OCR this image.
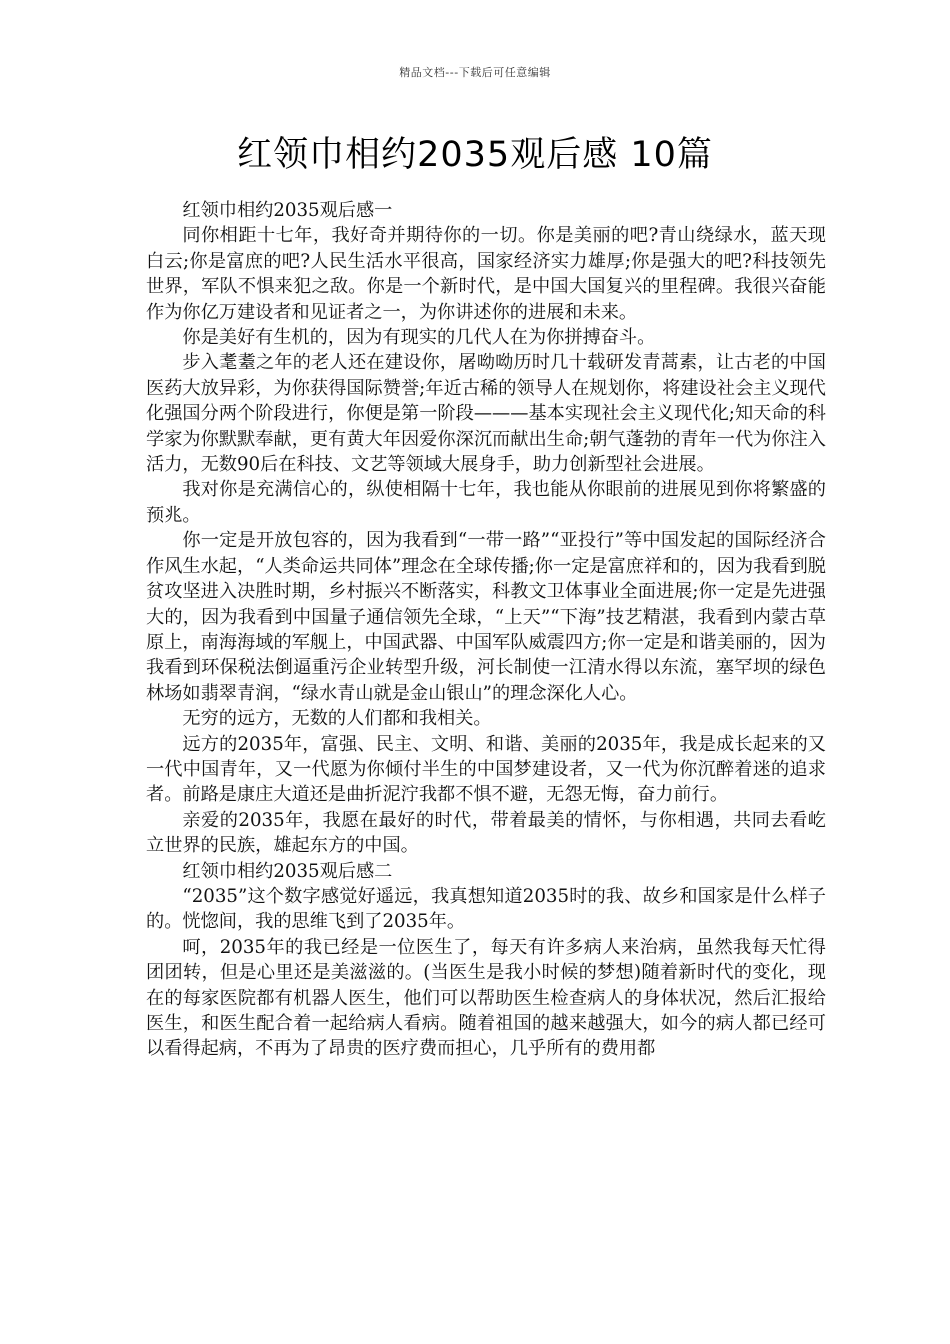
精品文档---下载后可任意编辑
红领巾相约2035观后感 10篇

红领巾相约2035观后感一

同你相距十七年，我好奇并期待你的一切。你是美丽的吧?青山绕绿水，蓝天现白云;你是富庶的吧?人民生活水平很高，国家经济实力雄厚;你是强大的吧?科技领先世界，军队不惧来犯之敌。你是一个新时代，是中国大国复兴的里程碑。我很兴奋能作为你亿万建设者和见证者之一，为你讲述你的进展和未来。

你是美好有生机的，因为有现实的几代人在为你拼搏奋斗。

步入耄耋之年的老人还在建设你，屠呦呦历时几十载研发青蒿素，让古老的中国医药大放异彩，为你获得国际赞誉;年近古稀的领导人在规划你，将建设社会主义现代化强国分两个阶段进行，你便是第一阶段———基本实现社会主义现代化;知天命的科学家为你默默奉献，更有黄大年因爱你深沉而献出生命;朝气蓬勃的青年一代为你注入活力，无数90后在科技、文艺等领域大展身手，助力创新型社会进展。

我对你是充满信心的，纵使相隔十七年，我也能从你眼前的进展见到你将繁盛的预兆。

你一定是开放包容的，因为我看到“一带一路”“亚投行”等中国发起的国际经济合作风生水起，“人类命运共同体”理念在全球传播;你一定是富庶祥和的，因为我看到脱贫攻坚进入决胜时期，乡村振兴不断落实，科教文卫体事业全面进展;你一定是先进强大的，因为我看到中国量子通信领先全球，“上天”“下海”技艺精湛，我看到内蒙古草原上，南海海域的军舰上，中国武器、中国军队威震四方;你一定是和谐美丽的，因为我看到环保税法倒逼重污企业转型升级，河长制使一江清水得以东流，塞罕坝的绿色林场如翡翠青润，“绿水青山就是金山银山”的理念深化人心。

无穷的远方，无数的人们都和我相关。

远方的2035年，富强、民主、文明、和谐、美丽的2035年，我是成长起来的又一代中国青年，又一代愿为你倾付半生的中国梦建设者，又一代为你沉醉着迷的追求者。前路是康庄大道还是曲折泥泞我都不惧不避，无怨无悔，奋力前行。

亲爱的2035年，我愿在最好的时代，带着最美的情怀，与你相遇，共同去看屹立世界的民族，雄起东方的中国。

红领巾相约2035观后感二

“2035”这个数字感觉好遥远，我真想知道2035时的我、故乡和国家是什么样子的。恍惚间，我的思维飞到了2035年。

呵，2035年的我已经是一位医生了，每天有许多病人来治病，虽然我每天忙得团团转，但是心里还是美滋滋的。(当医生是我小时候的梦想)随着新时代的变化，现在的每家医院都有机器人医生，他们可以帮助医生检查病人的身体状况，然后汇报给医生，和医生配合着一起给病人看病。随着祖国的越来越强大，如今的病人都已经可以看得起病，不再为了昂贵的医疗费而担心，几乎所有的费用都
